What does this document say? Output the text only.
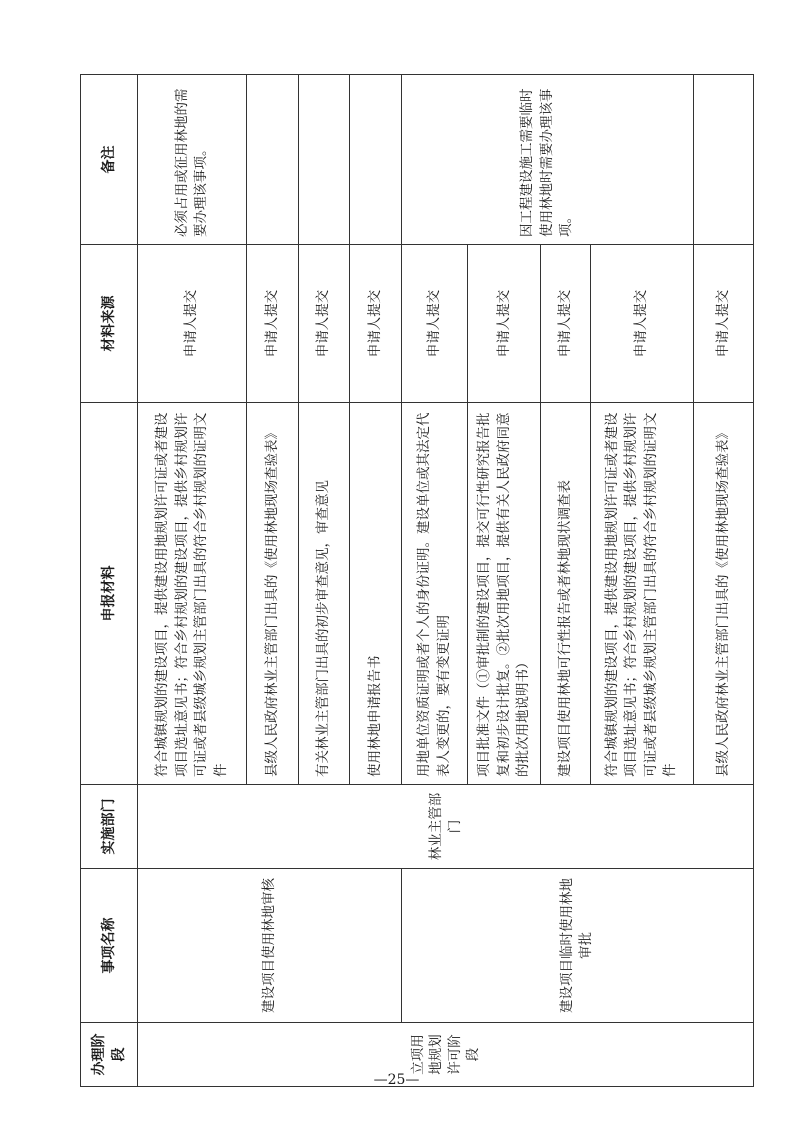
办理阶段	事项名称	实施部门	申报材料	材料来源	备注
立项用地规划许可阶段	建设项目使用林地审核	林业主管部门	符合城镇规划的建设项目，提供建设用地规划许可证或者建设项目选址意见书；符合乡村规划的建设项目，提供乡村规划许可证或者县级城乡规划主管部门出具的符合乡村规划的证明文件	申请人提交	必须占用或征用林地的需要办理该事项。
			县级人民政府林业主管部门出具的《使用林地现场查验表》	申请人提交	
			有关林业主管部门出具的初步审查意见，审查意见	申请人提交	
			使用林地申请报告书	申请人提交	
	建设项目临时使用林地审批		用地单位资质证明或者个人的身份证明。建设单位或其法定代表人变更的，要有变更证明	申请人提交	因工程建设施工需要临时使用林地时需要办理该事项。
			项目批准文件（①审批制的建设项目，提交可行性研究报告批复和初步设计批复。②批次用地项目，提供有关人民政府同意的批次用地说明书）	申请人提交	
			建设项目使用林地可行性报告或者林地现状调查表	申请人提交	
			符合城镇规划的建设项目，提供建设用地规划许可证或者建设项目选址意见书；符合乡村规划的建设项目，提供乡村规划许可证或者县级城乡规划主管部门出具的符合乡村规划的证明文件	申请人提交	
			县级人民政府林业主管部门出具的《使用林地现场查验表》	申请人提交	
—25—
